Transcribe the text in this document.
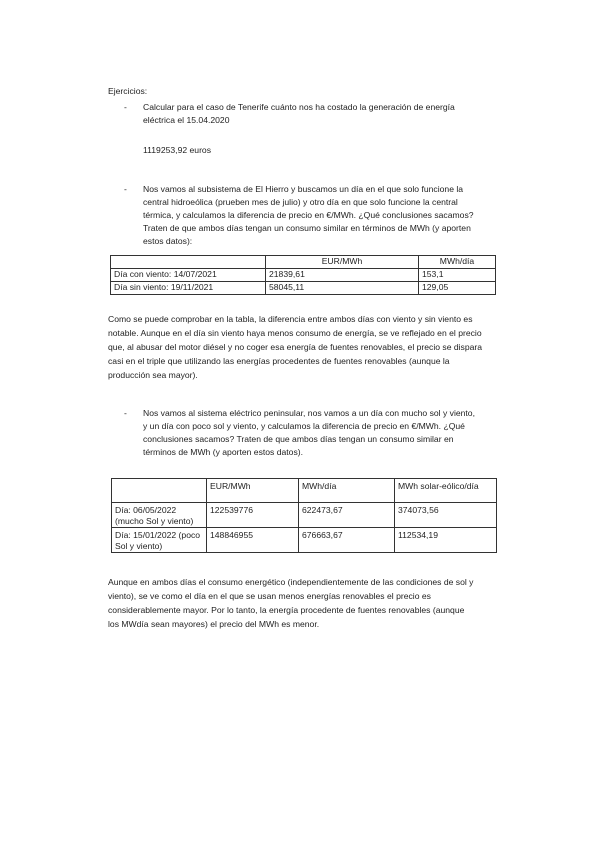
Ejercicios:
- Calcular para el caso de Tenerife cuánto nos ha costado la generación de energía
eléctrica el 15.04.2020
1119253,92 euros
- Nos vamos al subsistema de El Hierro y buscamos un día en el que solo funcione la
central hidroeólica (prueben mes de julio) y otro día en que solo funcione la central
térmica, y calculamos la diferencia de precio en €/MWh. ¿Qué conclusiones sacamos?
Traten de que ambos días tengan un consumo similar en términos de MWh (y aporten
estos datos):
	EUR/MWh	MWh/día
Día con viento: 14/07/2021	21839,61	153,1
Día sin viento: 19/11/2021	58045,11	129,05
Como se puede comprobar en la tabla, la diferencia entre ambos días con viento y sin viento es
notable. Aunque en el día sin viento haya menos consumo de energía, se ve reflejado en el precio
que, al abusar del motor diésel y no coger esa energía de fuentes renovables, el precio se dispara
casi en el triple que utilizando las energías procedentes de fuentes renovables (aunque la
producción sea mayor).
- Nos vamos al sistema eléctrico peninsular, nos vamos a un día con mucho sol y viento,
y un día con poco sol y viento, y calculamos la diferencia de precio en €/MWh. ¿Qué
conclusiones sacamos? Traten de que ambos días tengan un consumo similar en
términos de MWh (y aporten estos datos).
	EUR/MWh	MWh/día	MWh solar-eólico/día
Día: 06/05/2022 (mucho Sol y viento)	122539776	622473,67	374073,56
Día: 15/01/2022 (poco Sol y viento)	148846955	676663,67	112534,19
Aunque en ambos días el consumo energético (independientemente de las condiciones de sol y
viento), se ve como el día en el que se usan menos energías renovables el precio es
considerablemente mayor. Por lo tanto, la energía procedente de fuentes renovables (aunque
los MWdía sean mayores) el precio del MWh es menor.
